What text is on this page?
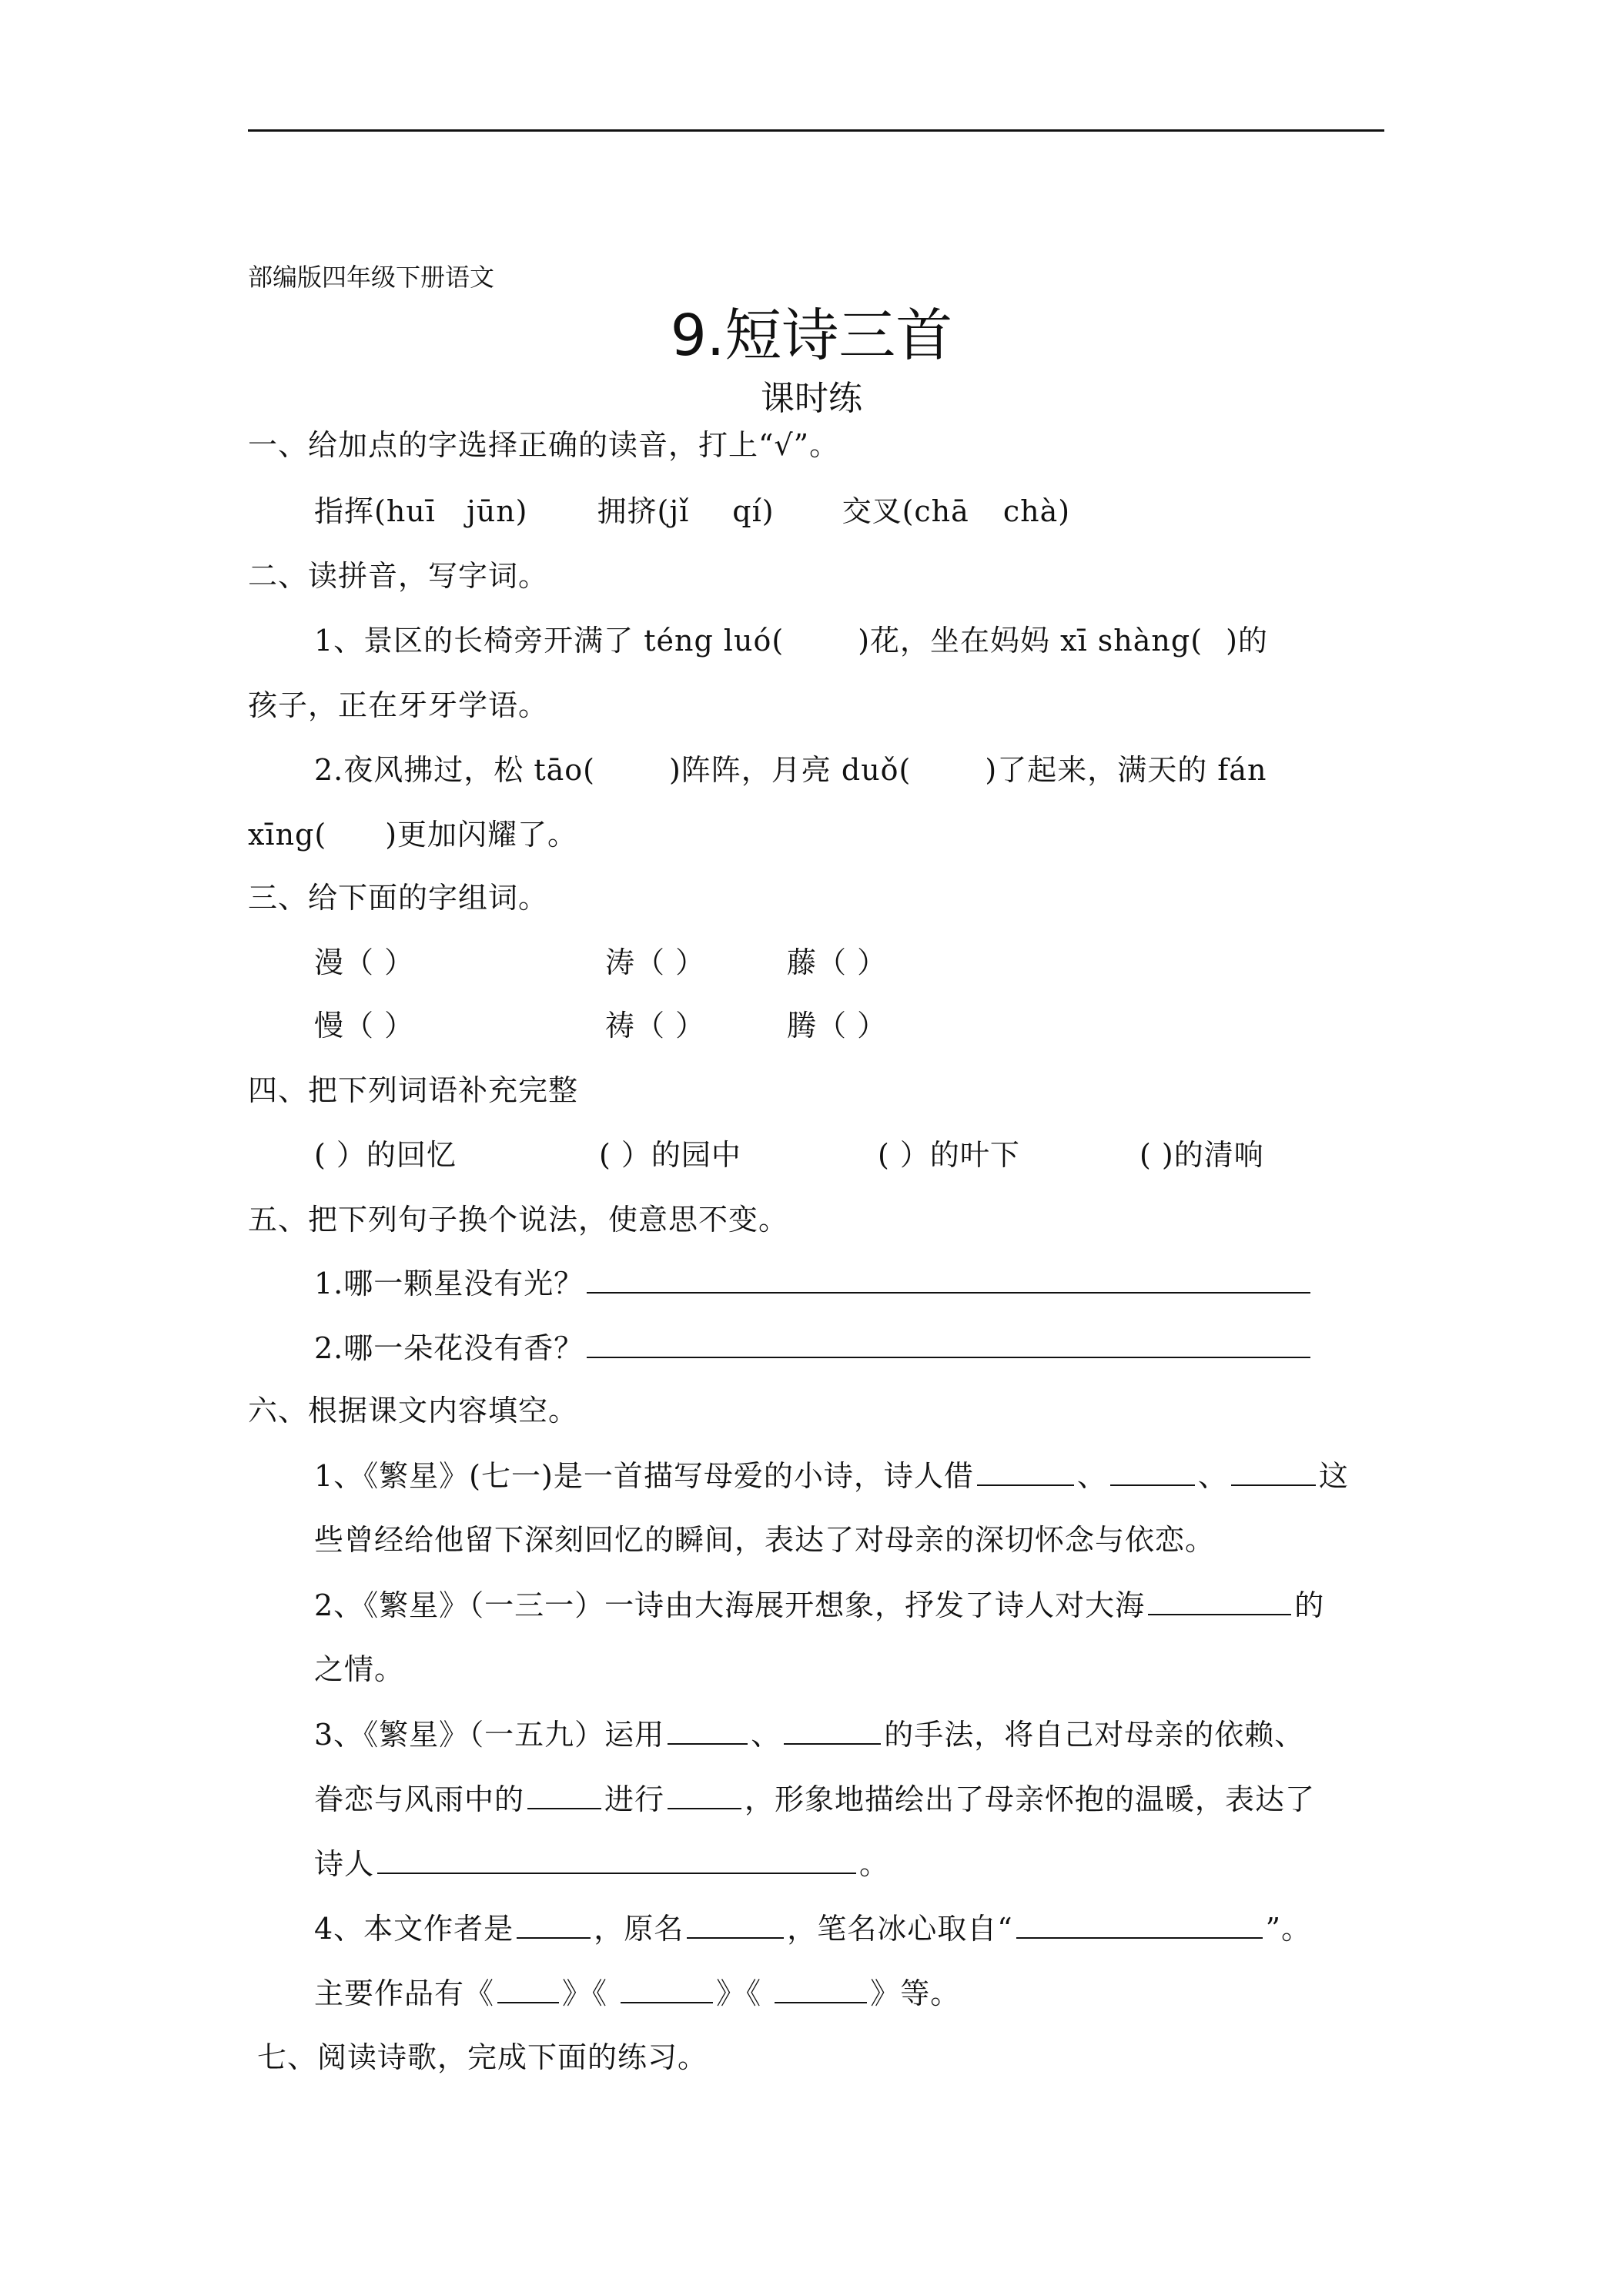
部编版四年级下册语文
9.短诗三首
课时练
一、给加点的字选择正确的读音，打上“√”。
指挥(huī jūn) 拥挤(jǐ qí) 交叉(chā chà)
二、读拼音，写字词。
1、景区的长椅旁开满了 téng luó(	)花，坐在妈妈 xī shàng( )的
孩子，正在牙牙学语。
2.夜风拂过，松 tāo(	)阵阵，月亮 duǒ(	)了起来，满天的 fán
xīng( )更加闪耀了。
三、给下面的字组词。
漫（ ）	涛（ ）	藤（ ）
慢（ ）	祷（ ）	腾（ ）
四、把下列词语补充完整
( ）的回忆	( ）的园中	( ）的叶下	( )的清响
五、把下列句子换个说法，使意思不变。
1.哪一颗星没有光？
2.哪一朵花没有香？
六、根据课文内容填空。
1、《繁星》(七一)是一首描写母爱的小诗，诗人借	、	、	这
些曾经给他留下深刻回忆的瞬间，表达了对母亲的深切怀念与依恋。
2、《繁星》（一三一）一诗由大海展开想象，抒发了诗人对大海	的
之情。
3、《繁星》（一五九）运用	、	的手法，将自己对母亲的依赖、
眷恋与风雨中的	进行	，形象地描绘出了母亲怀抱的温暖，表达了
诗人	。
4、本文作者是	，原名	，笔名冰心取自“	”。
主要作品有《 》《	》《	》等。
七、阅读诗歌，完成下面的练习。
